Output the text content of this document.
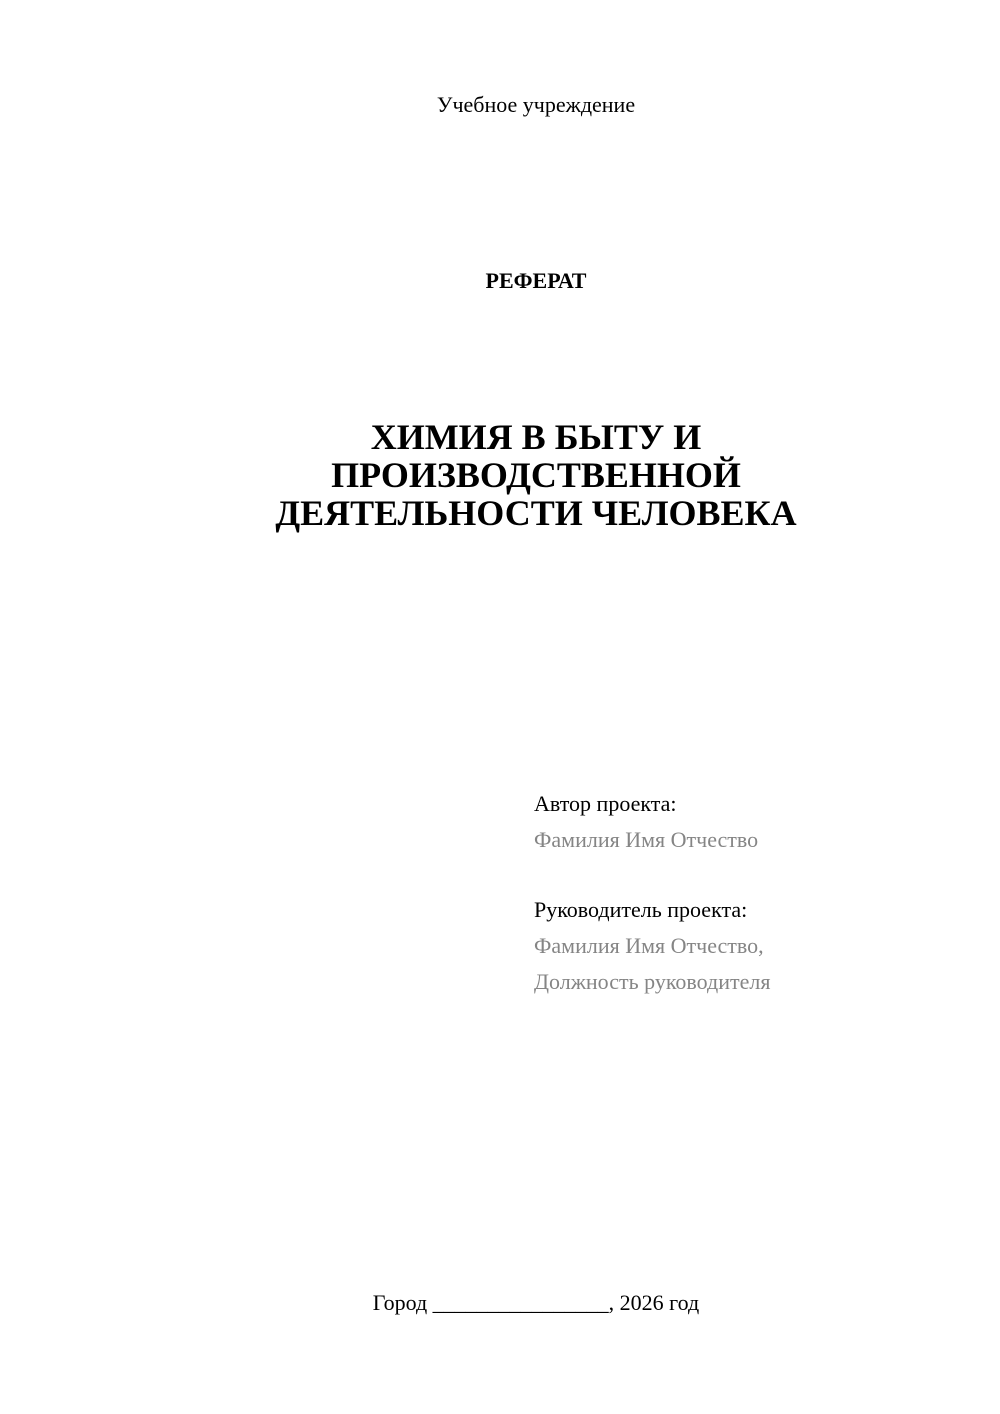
Учебное учреждение
РЕФЕРАТ
ХИМИЯ В БЫТУ И
ПРОИЗВОДСТВЕННОЙ
ДЕЯТЕЛЬНОСТИ ЧЕЛОВЕКА
Автор проекта:
Фамилия Имя Отчество
Руководитель проекта:
Фамилия Имя Отчество,
Должность руководителя
Город ________________, 2026 год
